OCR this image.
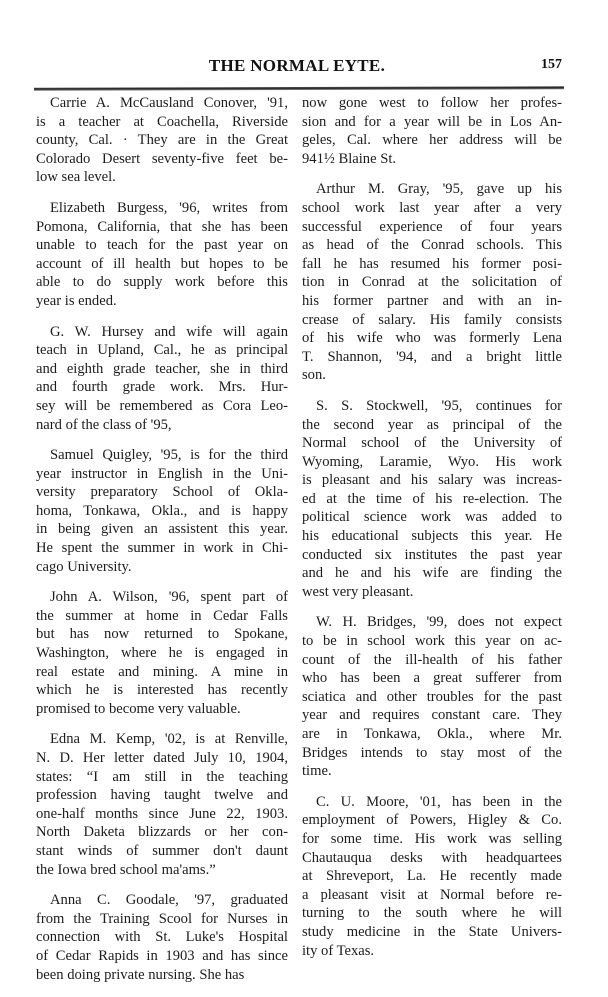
THE NORMAL EYTE.	157
Carrie A. McCausland Conover, '91,
is a teacher at Coachella, Riverside
county, Cal. · They are in the Great
Colorado Desert seventy-five feet be-
low sea level.
Elizabeth Burgess, '96, writes from
Pomona, California, that she has been
unable to teach for the past year on
account of ill health but hopes to be
able to do supply work before this
year is ended.
G. W. Hursey and wife will again
teach in Upland, Cal., he as principal
and eighth grade teacher, she in third
and fourth grade work. Mrs. Hur-
sey will be remembered as Cora Leo-
nard of the class of '95,
Samuel Quigley, '95, is for the third
year instructor in English in the Uni-
versity preparatory School of Okla-
homa, Tonkawa, Okla., and is happy
in being given an assistent this year.
He spent the summer in work in Chi-
cago University.
John A. Wilson, '96, spent part of
the summer at home in Cedar Falls
but has now returned to Spokane,
Washington, where he is engaged in
real estate and mining. A mine in
which he is interested has recently
promised to become very valuable.
Edna M. Kemp, '02, is at Renville,
N. D. Her letter dated July 10, 1904,
states: “I am still in the teaching
profession having taught twelve and
one-half months since June 22, 1903.
North Daketa blizzards or her con-
stant winds of summer don't daunt
the Iowa bred school ma'ams.”
Anna C. Goodale, '97, graduated
from the Training Scool for Nurses in
connection with St. Luke's Hospital
of Cedar Rapids in 1903 and has since
been doing private nursing. She has
now gone west to follow her profes-
sion and for a year will be in Los An-
geles, Cal. where her address will be
941½ Blaine St.
Arthur M. Gray, '95, gave up his
school work last year after a very
successful experience of four years
as head of the Conrad schools. This
fall he has resumed his former posi-
tion in Conrad at the solicitation of
his former partner and with an in-
crease of salary. His family consists
of his wife who was formerly Lena
T. Shannon, '94, and a bright little
son.
S. S. Stockwell, '95, continues for
the second year as principal of the
Normal school of the University of
Wyoming, Laramie, Wyo. His work
is pleasant and his salary was increas-
ed at the time of his re-election. The
political science work was added to
his educational subjects this year. He
conducted six institutes the past year
and he and his wife are finding the
west very pleasant.
W. H. Bridges, '99, does not expect
to be in school work this year on ac-
count of the ill-health of his father
who has been a great sufferer from
sciatica and other troubles for the past
year and requires constant care. They
are in Tonkawa, Okla., where Mr.
Bridges intends to stay most of the
time.
C. U. Moore, '01, has been in the
employment of Powers, Higley & Co.
for some time. His work was selling
Chautauqua desks with headquartees
at Shreveport, La. He recently made
a pleasant visit at Normal before re-
turning to the south where he will
study medicine in the State Univers-
ity of Texas.
